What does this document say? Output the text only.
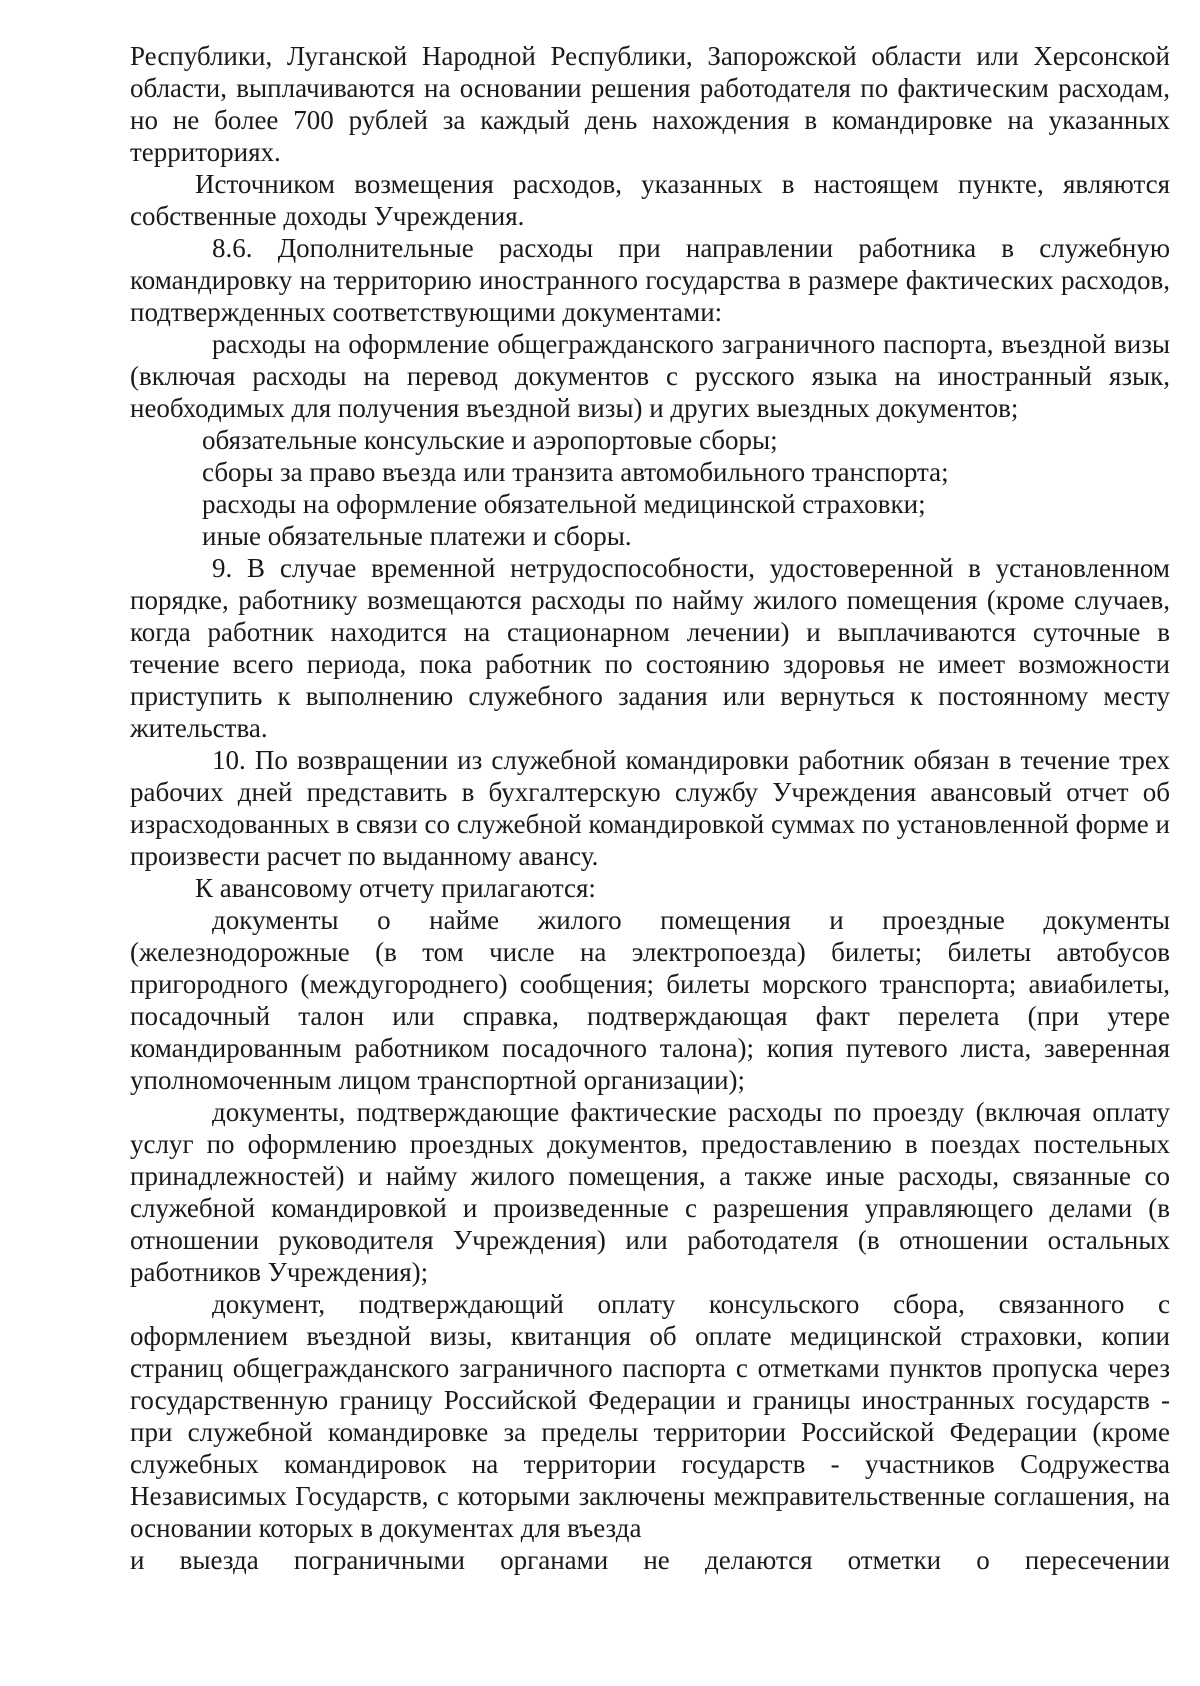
Республики, Луганской Народной Республики, Запорожской области или Херсонской области, выплачиваются на основании решения работодателя по фактическим расходам, но не более 700 рублей за каждый день нахождения в командировке на указанных территориях.

Источником возмещения расходов, указанных в настоящем пункте, являются собственные доходы Учреждения.

8.6. Дополнительные расходы при направлении работника в служебную командировку на территорию иностранного государства в размере фактических расходов, подтвержденных соответствующими документами:

расходы на оформление общегражданского заграничного паспорта, въездной визы (включая расходы на перевод документов с русского языка на иностранный язык, необходимых для получения въездной визы) и других выездных документов;

обязательные консульские и аэропортовые сборы;

сборы за право въезда или транзита автомобильного транспорта;

расходы на оформление обязательной медицинской страховки;

иные обязательные платежи и сборы.

9. В случае временной нетрудоспособности, удостоверенной в установленном порядке, работнику возмещаются расходы по найму жилого помещения (кроме случаев, когда работник находится на стационарном лечении) и выплачиваются суточные в течение всего периода, пока работник по состоянию здоровья не имеет возможности приступить к выполнению служебного задания или вернуться к постоянному месту жительства.

10. По возвращении из служебной командировки работник обязан в течение трех рабочих дней представить в бухгалтерскую службу Учреждения авансовый отчет об израсходованных в связи со служебной командировкой суммах по установленной форме и произвести расчет по выданному авансу.

К авансовому отчету прилагаются:

документы о найме жилого помещения и проездные документы (железнодорожные (в том числе на электропоезда) билеты; билеты автобусов пригородного (междугороднего) сообщения; билеты морского транспорта; авиабилеты, посадочный талон или справка, подтверждающая факт перелета (при утере командированным работником посадочного талона); копия путевого листа, заверенная уполномоченным лицом транспортной организации);

документы, подтверждающие фактические расходы по проезду (включая оплату услуг по оформлению проездных документов, предоставлению в поездах постельных принадлежностей) и найму жилого помещения, а также иные расходы, связанные со служебной командировкой и произведенные с разрешения управляющего делами (в отношении руководителя Учреждения) или работодателя (в отношении остальных работников Учреждения);

документ, подтверждающий оплату консульского сбора, связанного с оформлением въездной визы, квитанция об оплате медицинской страховки, копии страниц общегражданского заграничного паспорта с отметками пунктов пропуска через государственную границу Российской Федерации и границы иностранных государств - при служебной командировке за пределы территории Российской Федерации (кроме служебных командировок на территории государств - участников Содружества Независимых Государств, с которыми заключены межправительственные соглашения, на основании которых в документах для въезда

и выезда пограничными органами не делаются отметки о пересечении
